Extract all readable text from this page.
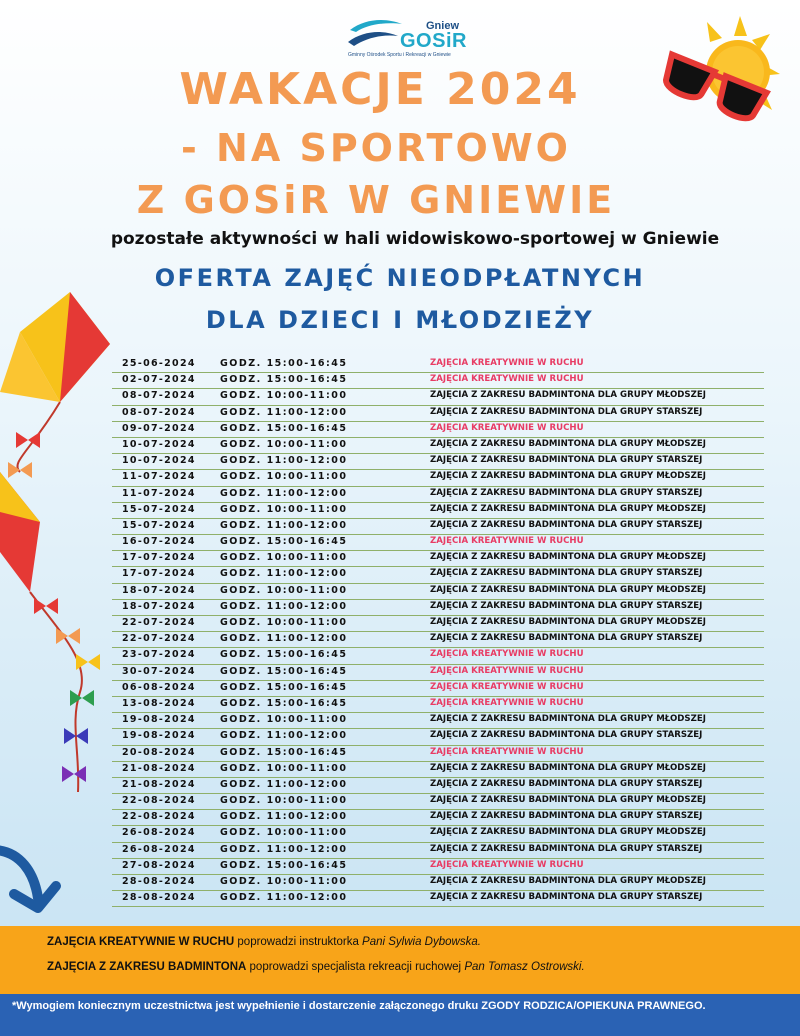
Gniew
GOSiR
Gminny Ośrodek Sportu i Rekreacji w Gniewie
WAKACJE 2024
- NA SPORTOWO
Z GOSiR W GNIEWIE
pozostałe aktywności w hali widowiskowo-sportowej w Gniewie
OFERTA ZAJĘĆ NIEODPŁATNYCH
DLA DZIECI I MŁODZIEŻY
25-06-2024	GODZ. 15:00-16:45	ZAJĘCIA KREATYWNIE W RUCHU
02-07-2024	GODZ. 15:00-16:45	ZAJĘCIA KREATYWNIE W RUCHU
08-07-2024	GODZ. 10:00-11:00	ZAJĘCIA Z ZAKRESU BADMINTONA DLA GRUPY MŁODSZEJ
08-07-2024	GODZ. 11:00-12:00	ZAJĘCIA Z ZAKRESU BADMINTONA DLA GRUPY STARSZEJ
09-07-2024	GODZ. 15:00-16:45	ZAJĘCIA KREATYWNIE W RUCHU
10-07-2024	GODZ. 10:00-11:00	ZAJĘCIA Z ZAKRESU BADMINTONA DLA GRUPY MŁODSZEJ
10-07-2024	GODZ. 11:00-12:00	ZAJĘCIA Z ZAKRESU BADMINTONA DLA GRUPY STARSZEJ
11-07-2024	GODZ. 10:00-11:00	ZAJĘCIA Z ZAKRESU BADMINTONA DLA GRUPY MŁODSZEJ
11-07-2024	GODZ. 11:00-12:00	ZAJĘCIA Z ZAKRESU BADMINTONA DLA GRUPY STARSZEJ
15-07-2024	GODZ. 10:00-11:00	ZAJĘCIA Z ZAKRESU BADMINTONA DLA GRUPY MŁODSZEJ
15-07-2024	GODZ. 11:00-12:00	ZAJĘCIA Z ZAKRESU BADMINTONA DLA GRUPY STARSZEJ
16-07-2024	GODZ. 15:00-16:45	ZAJĘCIA KREATYWNIE W RUCHU
17-07-2024	GODZ. 10:00-11:00	ZAJĘCIA Z ZAKRESU BADMINTONA DLA GRUPY MŁODSZEJ
17-07-2024	GODZ. 11:00-12:00	ZAJĘCIA Z ZAKRESU BADMINTONA DLA GRUPY STARSZEJ
18-07-2024	GODZ. 10:00-11:00	ZAJĘCIA Z ZAKRESU BADMINTONA DLA GRUPY MŁODSZEJ
18-07-2024	GODZ. 11:00-12:00	ZAJĘCIA Z ZAKRESU BADMINTONA DLA GRUPY STARSZEJ
22-07-2024	GODZ. 10:00-11:00	ZAJĘCIA Z ZAKRESU BADMINTONA DLA GRUPY MŁODSZEJ
22-07-2024	GODZ. 11:00-12:00	ZAJĘCIA Z ZAKRESU BADMINTONA DLA GRUPY STARSZEJ
23-07-2024	GODZ. 15:00-16:45	ZAJĘCIA KREATYWNIE W RUCHU
30-07-2024	GODZ. 15:00-16:45	ZAJĘCIA KREATYWNIE W RUCHU
06-08-2024	GODZ. 15:00-16:45	ZAJĘCIA KREATYWNIE W RUCHU
13-08-2024	GODZ. 15:00-16:45	ZAJĘCIA KREATYWNIE W RUCHU
19-08-2024	GODZ. 10:00-11:00	ZAJĘCIA Z ZAKRESU BADMINTONA DLA GRUPY MŁODSZEJ
19-08-2024	GODZ. 11:00-12:00	ZAJĘCIA Z ZAKRESU BADMINTONA DLA GRUPY STARSZEJ
20-08-2024	GODZ. 15:00-16:45	ZAJĘCIA KREATYWNIE W RUCHU
21-08-2024	GODZ. 10:00-11:00	ZAJĘCIA Z ZAKRESU BADMINTONA DLA GRUPY MŁODSZEJ
21-08-2024	GODZ. 11:00-12:00	ZAJĘCIA Z ZAKRESU BADMINTONA DLA GRUPY STARSZEJ
22-08-2024	GODZ. 10:00-11:00	ZAJĘCIA Z ZAKRESU BADMINTONA DLA GRUPY MŁODSZEJ
22-08-2024	GODZ. 11:00-12:00	ZAJĘCIA Z ZAKRESU BADMINTONA DLA GRUPY STARSZEJ
26-08-2024	GODZ. 10:00-11:00	ZAJĘCIA Z ZAKRESU BADMINTONA DLA GRUPY MŁODSZEJ
26-08-2024	GODZ. 11:00-12:00	ZAJĘCIA Z ZAKRESU BADMINTONA DLA GRUPY STARSZEJ
27-08-2024	GODZ. 15:00-16:45	ZAJĘCIA KREATYWNIE W RUCHU
28-08-2024	GODZ. 10:00-11:00	ZAJĘCIA Z ZAKRESU BADMINTONA DLA GRUPY MŁODSZEJ
28-08-2024	GODZ. 11:00-12:00	ZAJĘCIA Z ZAKRESU BADMINTONA DLA GRUPY STARSZEJ

ZAJĘCIA KREATYWNIE W RUCHU poprowadzi instruktorka Pani Sylwia Dybowska.

ZAJĘCIA Z ZAKRESU BADMINTONA poprowadzi specjalista rekreacji ruchowej Pan Tomasz Ostrowski.

*Wymogiem koniecznym uczestnictwa jest wypełnienie i dostarczenie załączonego druku ZGODY RODZICA/OPIEKUNA PRAWNEGO.
